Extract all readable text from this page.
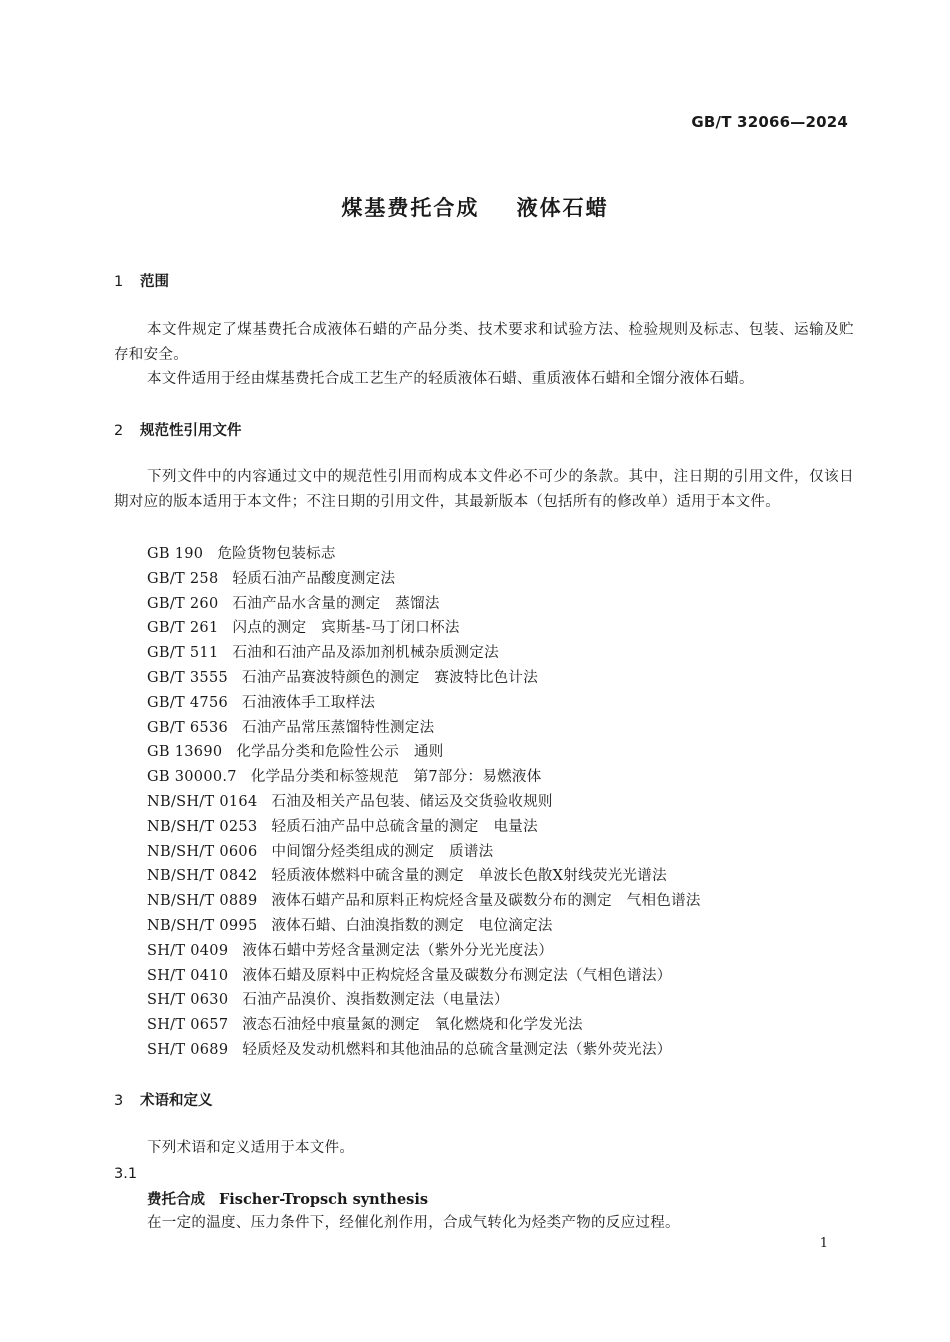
GB/T 32066—2024
煤基费托合成    液体石蜡
1 范围

本文件规定了煤基费托合成液体石蜡的产品分类、技术要求和试验方法、检验规则及标志、包装、运输及贮存和安全。

本文件适用于经由煤基费托合成工艺生产的轻质液体石蜡、重质液体石蜡和全馏分液体石蜡。

2 规范性引用文件

下列文件中的内容通过文中的规范性引用而构成本文件必不可少的条款。其中，注日期的引用文件，仅该日期对应的版本适用于本文件；不注日期的引用文件，其最新版本（包括所有的修改单）适用于本文件。

GB 190 危险货物包装标志
GB/T 258 轻质石油产品酸度测定法
GB/T 260 石油产品水含量的测定　蒸馏法
GB/T 261 闪点的测定　宾斯基-马丁闭口杯法
GB/T 511 石油和石油产品及添加剂机械杂质测定法
GB/T 3555 石油产品赛波特颜色的测定　赛波特比色计法
GB/T 4756 石油液体手工取样法
GB/T 6536 石油产品常压蒸馏特性测定法
GB 13690 化学品分类和危险性公示　通则
GB 30000.7 化学品分类和标签规范　第7部分：易燃液体
NB/SH/T 0164 石油及相关产品包装、储运及交货验收规则
NB/SH/T 0253 轻质石油产品中总硫含量的测定　电量法
NB/SH/T 0606 中间馏分烃类组成的测定　质谱法
NB/SH/T 0842 轻质液体燃料中硫含量的测定　单波长色散X射线荧光光谱法
NB/SH/T 0889 液体石蜡产品和原料正构烷烃含量及碳数分布的测定　气相色谱法
NB/SH/T 0995 液体石蜡、白油溴指数的测定　电位滴定法
SH/T 0409 液体石蜡中芳烃含量测定法（紫外分光光度法）
SH/T 0410 液体石蜡及原料中正构烷烃含量及碳数分布测定法（气相色谱法）
SH/T 0630 石油产品溴价、溴指数测定法（电量法）
SH/T 0657 液态石油烃中痕量氮的测定　氧化燃烧和化学发光法
SH/T 0689 轻质烃及发动机燃料和其他油品的总硫含量测定法（紫外荧光法）
3 术语和定义

下列术语和定义适用于本文件。

3.1
费托合成 Fischer-Tropsch synthesis
在一定的温度、压力条件下，经催化剂作用，合成气转化为烃类产物的反应过程。
1
